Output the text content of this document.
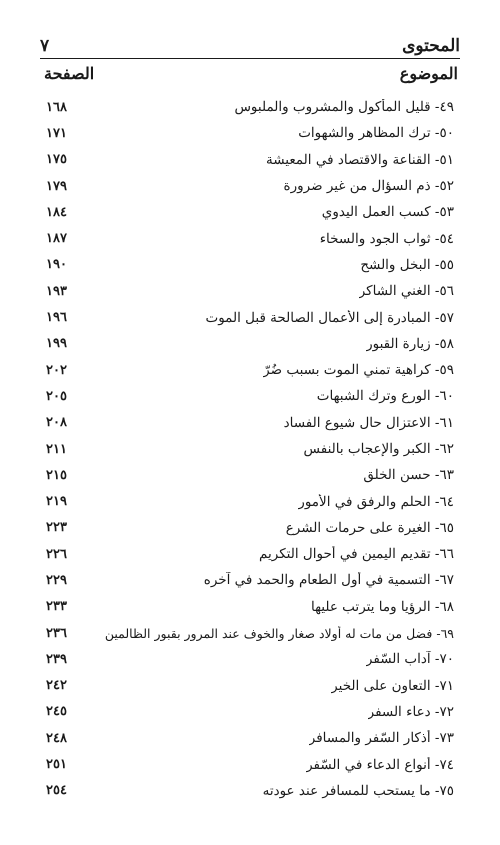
المحتوى
٧
الموضوع
الصفحة
٤٩- قليل المأكول والمشروب والملبوس
١٦٨
٥٠- ترك المظاهر والشهوات
١٧١
٥١- القناعة والاقتصاد في المعيشة
١٧٥
٥٢- ذم السؤال من غير ضرورة
١٧٩
٥٣- كسب العمل اليدوي
١٨٤
٥٤- ثواب الجود والسخاء
١٨٧
٥٥- البخل والشح
١٩٠
٥٦- الغني الشاكر
١٩٣
٥٧- المبادرة إلى الأعمال الصالحة قبل الموت
١٩٦
٥٨- زيارة القبور
١٩٩
٥٩- كراهية تمني الموت بسبب ضُرّ
٢٠٢
٦٠- الورع وترك الشبهات
٢٠٥
٦١- الاعتزال حال شيوع الفساد
٢٠٨
٦٢- الكبر والإعجاب بالنفس
٢١١
٦٣- حسن الخلق
٢١٥
٦٤- الحلم والرفق في الأمور
٢١٩
٦٥- الغيرة على حرمات الشرع
٢٢٣
٦٦- تقديم اليمين في أحوال التكريم
٢٢٦
٦٧- التسمية في أول الطعام والحمد في آخره
٢٢٩
٦٨- الرؤيا وما يترتب عليها
٢٣٣
٦٩- فضل من مات له أولاد صغار والخوف عند المرور بقبور الظالمين
٢٣٦
٧٠- آداب السّفر
٢٣٩
٧١- التعاون على الخير
٢٤٢
٧٢- دعاء السفر
٢٤٥
٧٣- أذكار السّفر والمسافر
٢٤٨
٧٤- أنواع الدعاء في السّفر
٢٥١
٧٥- ما يستحب للمسافر عند عودته
٢٥٤
